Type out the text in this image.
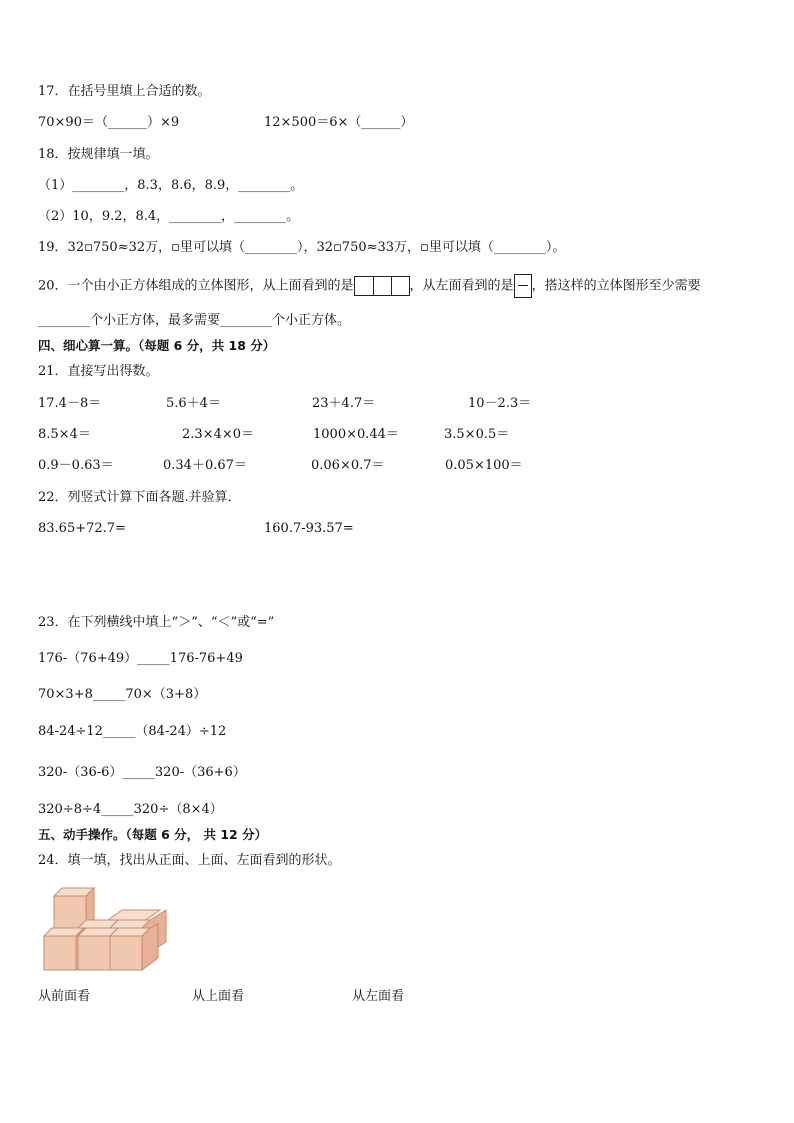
17．在括号里填上合适的数。
70×90＝（______）×9	12×500＝6×（______）
18．按规律填一填。
（1）________，8.3，8.6，8.9，________。
（2）10，9.2，8.4，________，________。
19．32▫750≈32万，▫里可以填（________），32▫750≈33万，▫里可以填（________）。
20．一个由小正方体组成的立体图形，从上面看到的是	，从左面看到的是 ，搭这样的立体图形至少需要
________个小正方体，最多需要________个小正方体。
四、细心算一算。（每题 6 分，共 18 分）
21．直接写出得数。
17.4－8＝	5.6＋4＝	23＋4.7＝	10－2.3＝
8.5×4＝	2.3×4×0＝	1000×0.44＝	3.5×0.5＝
0.9－0.63＝	0.34＋0.67＝	0.06×0.7＝	0.05×100＝
22．列竖式计算下面各题.并验算．
83.65+72.7=	160.7-93.57=
23．在下列横线中填上“＞”、“＜”或“=”
176-（76+49）_____176-76+49
70×3+8_____70×（3+8）
84-24÷12_____（84-24）÷12
320-（36-6）_____320-（36+6）
320÷8÷4_____320÷（8×4）
五、动手操作。（每题 6 分， 共 12 分）
24．填一填，找出从正面、上面、左面看到的形状。
从前面看	从上面看	从左面看
